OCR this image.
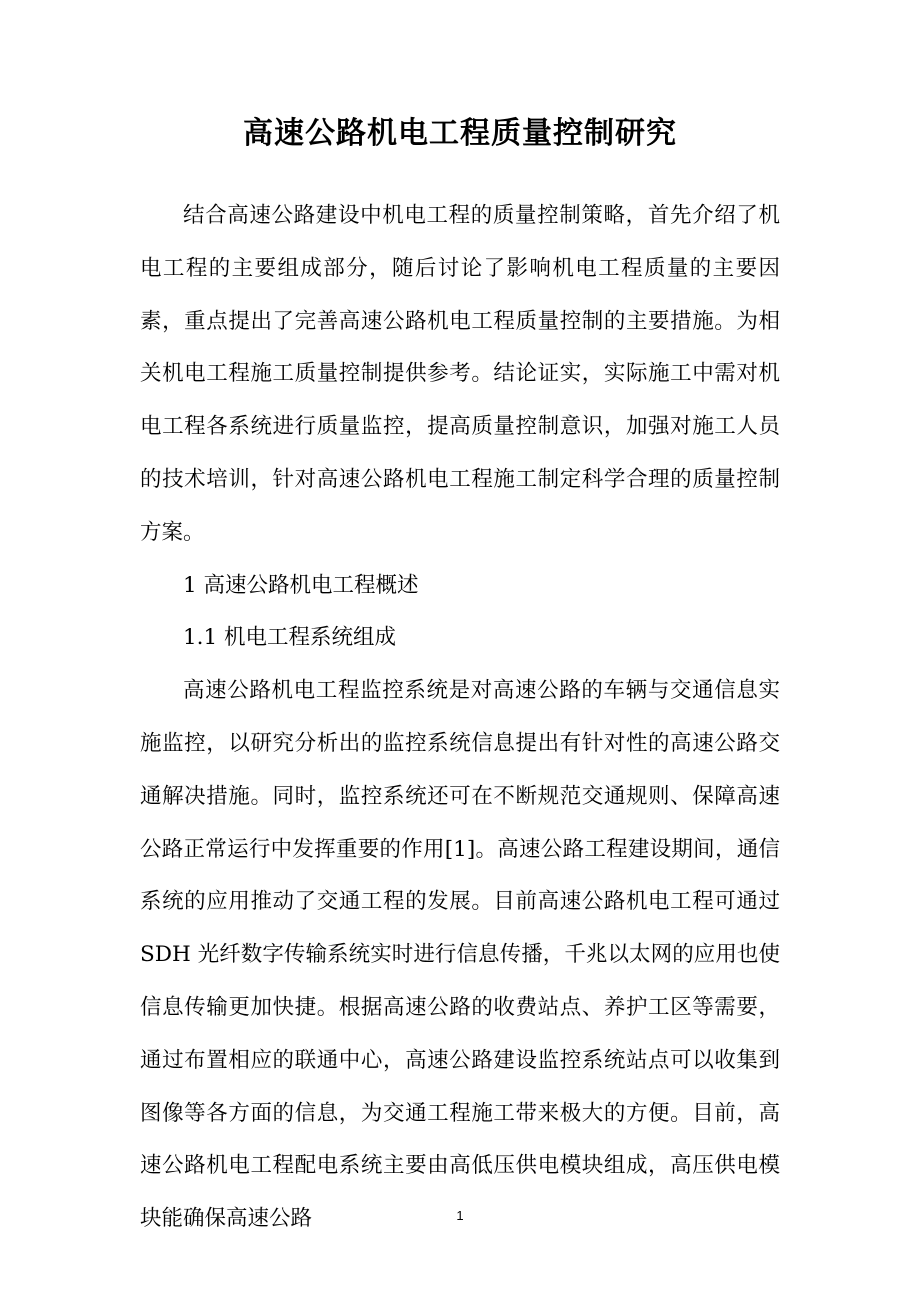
高速公路机电工程质量控制研究

结合高速公路建设中机电工程的质量控制策略，首先介绍了机电工程的主要组成部分，随后讨论了影响机电工程质量的主要因素，重点提出了完善高速公路机电工程质量控制的主要措施。为相关机电工程施工质量控制提供参考。结论证实，实际施工中需对机电工程各系统进行质量监控，提高质量控制意识，加强对施工人员的技术培训，针对高速公路机电工程施工制定科学合理的质量控制方案。

1 高速公路机电工程概述

1.1 机电工程系统组成

高速公路机电工程监控系统是对高速公路的车辆与交通信息实施监控，以研究分析出的监控系统信息提出有针对性的高速公路交通解决措施。同时，监控系统还可在不断规范交通规则、保障高速公路正常运行中发挥重要的作用[1]。高速公路工程建设期间，通信系统的应用推动了交通工程的发展。目前高速公路机电工程可通过 SDH 光纤数字传输系统实时进行信息传播，千兆以太网的应用也使信息传输更加快捷。根据高速公路的收费站点、养护工区等需要，通过布置相应的联通中心，高速公路建设监控系统站点可以收集到图像等各方面的信息，为交通工程施工带来极大的方便。目前，高速公路机电工程配电系统主要由高低压供电模块组成，高压供电模块能确保高速公路	1
